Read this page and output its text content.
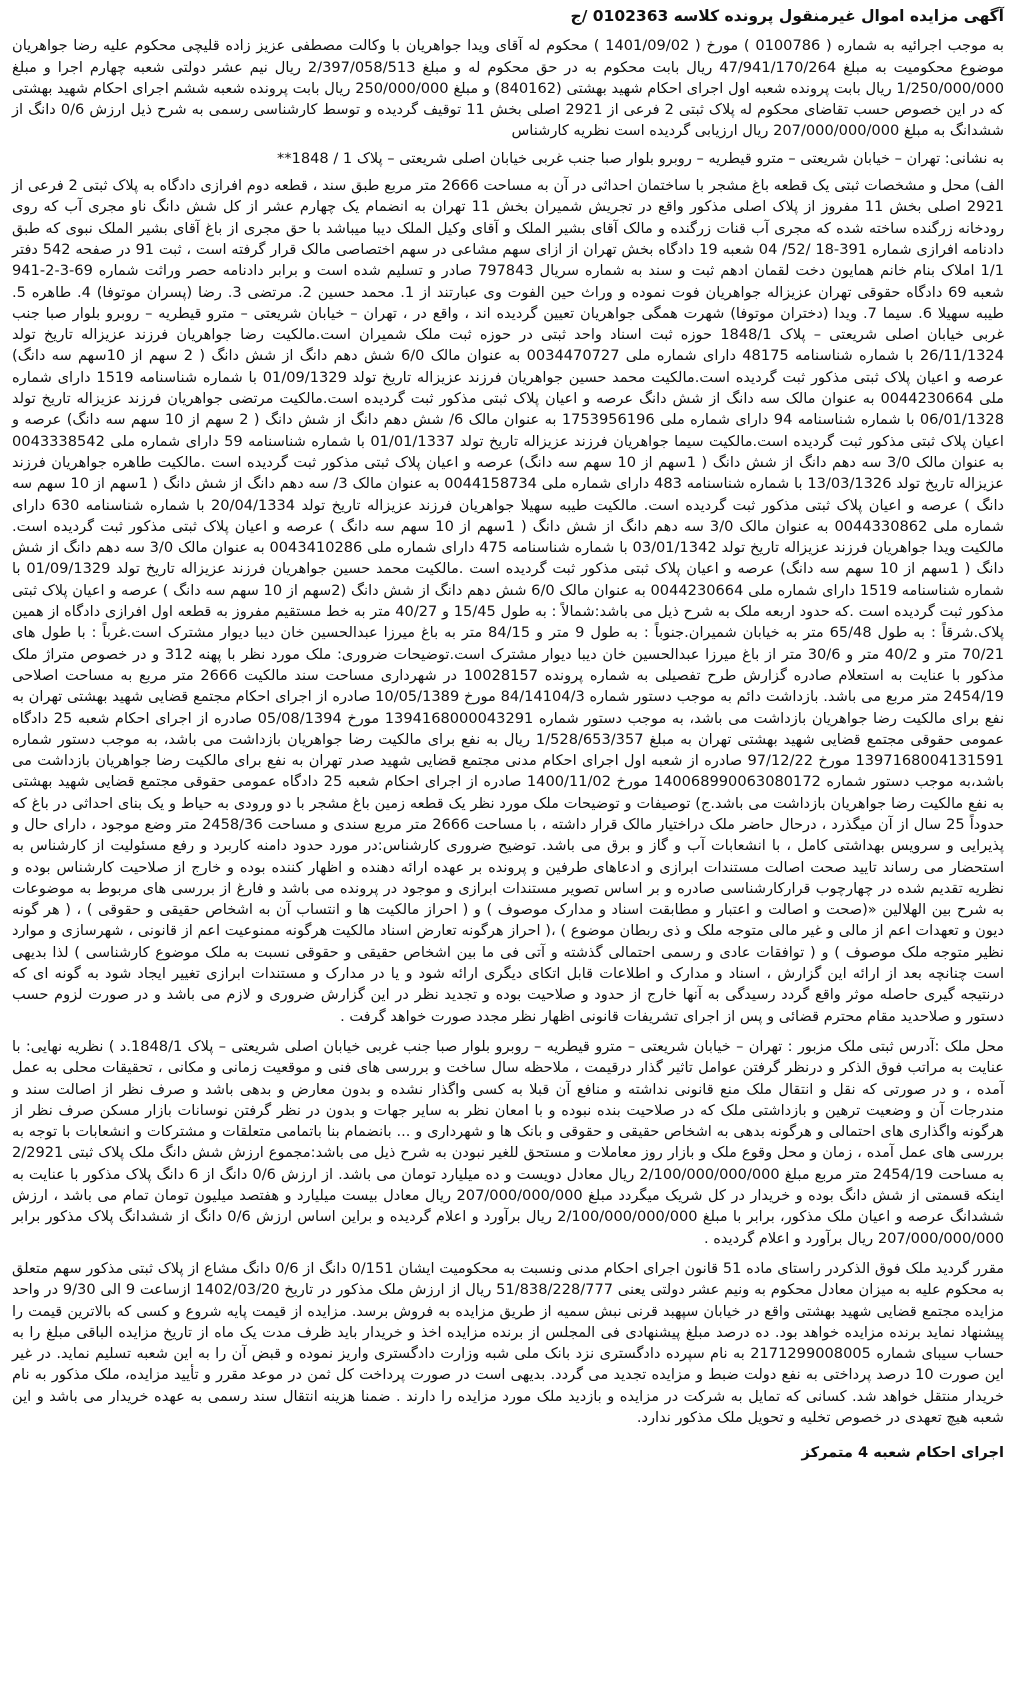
آگهی مزایده اموال غیرمنقول پرونده کلاسه 0102363 /ج

به موجب اجرائیه به شماره ( 0100786 ) مورخ ( 1401/09/02 ) محکوم له آقای ویدا جواهریان با وکالت مصطفی عزیز زاده قلیچی محکوم علیه رضا جواهریان موضوع محکومیت به مبلغ 47/941/170/264 ریال بابت محکوم به در حق محکوم له و مبلغ 2/397/058/513 ریال نیم عشر دولتی شعبه چهارم اجرا و مبلغ 1/250/000/000 ریال بابت پرونده شعبه اول اجرای احکام شهید بهشتی (840162) و مبلغ 250/000/000 ریال بابت پرونده شعبه ششم اجرای احکام شهید بهشتی که در این خصوص حسب تقاضای محکوم له پلاک ثبتی 2 فرعی از 2921 اصلی بخش 11 توقیف گردیده و توسط کارشناسی رسمی به شرح ذیل ارزش 0/6 دانگ از ششدانگ به مبلغ 207/000/000/000 ریال ارزیابی گردیده است نظریه کارشناس

به نشانی: تهران – خیابان شریعتی – مترو قیطریه – روبرو بلوار صبا جنب غربی خیابان اصلی شریعتی – پلاک 1 / 1848**

الف) محل و مشخصات ثبتی یک قطعه باغ مشجر با ساختمان احداثی در آن به مساحت 2666 متر مربع طبق سند ، قطعه دوم افرازی دادگاه به پلاک ثبتی 2 فرعی از 2921 اصلی بخش 11 مفروز از پلاک اصلی مذکور واقع در تجریش شمیران بخش 11 تهران به انضمام یک چهارم عشر از کل شش دانگ ناو مجری آب که روی رودخانه زرگنده ساخته شده که مجری آب قنات زرگنده و مالک آقای بشیر الملک و آقای وکیل الملک دیبا میباشد با حق مجری از باغ آقای بشیر الملک نبوی که طبق دادنامه افرازی شماره 391-18 /52/ 04 شعبه 19 دادگاه بخش تهران از ازای سهم مشاعی در سهم اختصاصی مالک قرار گرفته است ، ثبت 91 در صفحه 542 دفتر 1/1 املاک بنام خانم همایون دخت لقمان ادهم ثبت و سند به شماره سریال 797843 صادر و تسلیم شده است و برابر دادنامه حصر وراثت شماره 69-3-2-941 شعبه 69 دادگاه حقوقی تهران عزیزاله جواهریان فوت نموده و وراث حین الفوت وی عبارتند از 1. محمد حسین 2. مرتضی 3. رضا (پسران موتوفا) 4. طاهره 5. طیبه سهیلا 6. سیما 7. ویدا (دختران موتوفا) شهرت همگی جواهریان تعیین گردیده اند ، واقع در ، تهران – خیابان شریعتی – مترو قیطریه – روبرو بلوار صبا جنب غربی خیابان اصلی شریعتی – پلاک 1848/1 حوزه ثبت اسناد واحد ثبتی در حوزه ثبت ملک شمیران است.مالکیت رضا جواهریان فرزند عزیزاله تاریخ تولد 26/11/1324 با شماره شناسنامه 48175 دارای شماره ملی 0034470727 به عنوان مالک 6/0 شش دهم دانگ از شش دانگ ( 2 سهم از 10سهم سه دانگ) عرصه و اعیان پلاک ثبتی مذکور ثبت گردیده است.مالکیت محمد حسین جواهریان فرزند عزیزاله تاریخ تولد 01/09/1329 با شماره شناسنامه 1519 دارای شماره ملی 0044230664 به عنوان مالک سه دانگ از شش دانگ عرصه و اعیان پلاک ثبتی مذکور ثبت گردیده است.مالکیت مرتضی جواهریان فرزند عزیزاله تاریخ تولد 06/01/1328 با شماره شناسنامه 94 دارای شماره ملی 1753956196 به عنوان مالک 6/ شش دهم دانگ از شش دانگ ( 2 سهم از 10 سهم سه دانگ) عرصه و اعیان پلاک ثبتی مذکور ثبت گردیده است.مالکیت سیما جواهریان فرزند عزیزاله تاریخ تولد 01/01/1337 با شماره شناسنامه 59 دارای شماره ملی 0043338542 به عنوان مالک 3/0 سه دهم دانگ از شش دانگ ( 1سهم از 10 سهم سه دانگ) عرصه و اعیان پلاک ثبتی مذکور ثبت گردیده است .مالکیت طاهره جواهریان فرزند عزیزاله تاریخ تولد 13/03/1326 با شماره شناسنامه 483 دارای شماره ملی 0044158734 به عنوان مالک 3/ سه دهم دانگ از شش دانگ ( 1سهم از 10 سهم سه دانگ ) عرصه و اعیان پلاک ثبتی مذکور ثبت گردیده است. مالکیت طیبه سهیلا جواهریان فرزند عزیزاله تاریخ تولد 20/04/1334 با شماره شناسنامه 630 دارای شماره ملی 0044330862 به عنوان مالک 3/0 سه دهم دانگ از شش دانگ ( 1سهم از 10 سهم سه دانگ ) عرصه و اعیان پلاک ثبتی مذکور ثبت گردیده است. مالکیت ویدا جواهریان فرزند عزیزاله تاریخ تولد 03/01/1342 با شماره شناسنامه 475 دارای شماره ملی 0043410286 به عنوان مالک 3/0 سه دهم دانگ از شش دانگ ( 1سهم از 10 سهم سه دانگ) عرصه و اعیان پلاک ثبتی مذکور ثبت گردیده است .مالکیت محمد حسین جواهریان فرزند عزیزاله تاریخ تولد 01/09/1329 با شماره شناسنامه 1519 دارای شماره ملی 0044230664 به عنوان مالک 6/0 شش دهم دانگ از شش دانگ (2سهم از 10 سهم سه دانگ ) عرصه و اعیان پلاک ثبتی مذکور ثبت گردیده است .که حدود اربعه ملک به شرح ذیل می باشد:شمالاً : به طول 15/45 و 40/27 متر به خط مستقیم مفروز به قطعه اول افرازی دادگاه از همین پلاک.شرقاً : به طول 65/48 متر به خیابان شمیران.جنوباً : به طول 9 متر و 84/15 متر به باغ میرزا عبدالحسین خان دیبا دیوار مشترک است.غرباً : با طول های 70/21 متر و 40/2 متر و 30/6 متر از باغ میرزا عبدالحسین خان دیبا دیوار مشترک است.توضیحات ضروری: ملک مورد نظر با پهنه 312 و در خصوص متراژ ملک مذکور با عنایت به استعلام صادره گزارش طرح تفصیلی به شماره پرونده 10028157 در شهرداری مساحت سند مالکیت 2666 متر مربع به مساحت اصلاحی 2454/19 متر مربع می باشد. بازداشت دائم به موجب دستور شماره 84/14104/3 مورخ 10/05/1389 صادره از اجرای احکام مجتمع قضایی شهید بهشتی تهران به نفع برای مالکیت رضا جواهریان بازداشت می باشد، به موجب دستور شماره 139416800004329​1 مورخ 05/08/1394 صادره از اجرای احکام شعبه 25 دادگاه عمومی حقوقی مجتمع قضایی شهید بهشتی تهران به مبلغ 1/528/653/357 ریال به نفع برای مالکیت رضا جواهریان بازداشت می باشد، به موجب دستور شماره 1397168004131591 مورخ 97/12/22 صادره از شعبه اول اجرای احکام مدنی مجتمع قضایی شهید صدر تهران به نفع برای مالکیت رضا جواهریان بازداشت می باشد،به موجب دستور شماره 140068990063080172 مورخ 1400/11/02 صادره از اجرای احکام شعبه 25 دادگاه عمومی حقوقی مجتمع قضایی شهید بهشتی به نفع مالکیت رضا جواهریان بازداشت می باشد.ج) توصیفات و توضیحات ملک مورد نظر یک قطعه زمین باغ مشجر با دو ورودی به حیاط و یک بنای احداثی در باغ که حدوداً 25 سال از آن میگذرد ، درحال حاضر ملک دراختیار مالک قرار داشته ، با مساحت 2666 متر مربع سندی و مساحت 2458/36 متر وضع موجود ، دارای حال و پذیرایی و سرویس بهداشتی کامل ، با انشعابات آب و گاز و برق می باشد. توضیح ضروری کارشناس:در مورد حدود دامنه کاربرد و رفع مسئولیت از کارشناس به استحضار می رساند تایید صحت اصالت مستندات ابرازی و ادعاهای طرفین و پرونده بر عهده ارائه دهنده و اظهار کننده بوده و خارج از صلاحیت کارشناس بوده و نظریه تقدیم شده در چهارچوب قرارکارشناسی صادره و بر اساس تصویر مستندات ابرازی و موجود در پرونده می باشد و فارغ از بررسی های مربوط به موضوعات به شرح بین الهلالین «(صحت و اصالت و اعتبار و مطابقت اسناد و مدارک موصوف ) و ( احراز مالکیت ها و انتساب آن به اشخاص حقیقی و حقوقی ) ، ( هر گونه دیون و تعهدات اعم از مالی و غیر مالی متوجه ملک و ذی ربطان موضوع ) ،( احراز هرگونه تعارض اسناد مالکیت هرگونه ممنوعیت اعم از قانونی ، شهرسازی و موارد نظیر متوجه ملک موصوف ) و ( توافقات عادی و رسمی احتمالی گذشته و آتی فی ما بین اشخاص حقیقی و حقوقی نسبت به ملک موضوع کارشناسی ) لذا بدیهی است چنانچه بعد از ارائه این گزارش ، اسناد و مدارک و اطلاعات قابل اتکای دیگری ارائه شود و یا در مدارک و مستندات ابرازی تغییر ایجاد شود به گونه ای که درنتیجه گیری حاصله موثر واقع گردد رسیدگی به آنها خارج از حدود و صلاحیت بوده و تجدید نظر در این گزارش ضروری و لازم می باشد و در صورت لزوم حسب دستور و صلاحدید مقام محترم قضائی و پس از اجرای تشریفات قانونی اظهار نظر مجدد صورت خواهد گرفت .

محل ملک :آدرس ثبتی ملک مزبور : تهران – خیابان شریعتی – مترو قیطریه – روبرو بلوار صبا جنب غربی خیابان اصلی شریعتی – پلاک 1848/1.د ) نظریه نهایی: با عنایت به مراتب فوق الذکر و درنظر گرفتن عوامل تاثیر گذار درقیمت ، ملاحظه سال ساخت و بررسی های فنی و موقعیت زمانی و مکانی ، تحقیقات محلی به عمل آمده ، و در صورتی که نقل و انتقال ملک منع قانونی نداشته و منافع آن قبلا به کسی واگذار نشده و بدون معارض و بدهی باشد و صرف نظر از اصالت سند و مندرجات آن و وضعیت ترهین و بازداشتی ملک که در صلاحیت بنده نبوده و با امعان نظر به سایر جهات و بدون در نظر گرفتن نوسانات بازار مسکن صرف نظر از هرگونه واگذاری های احتمالی و هرگونه بدهی به اشخاص حقیقی و حقوقی و بانک ها و شهرداری و ... بانضمام بنا باتمامی متعلقات و مشترکات و انشعابات با توجه به بررسی های عمل آمده ، زمان و محل وقوع ملک و بازار روز معاملات و مستحق للغیر نبودن به شرح ذیل می باشد:مجموع ارزش شش دانگ ملک پلاک ثبتی 2/2921 به مساحت 2454/19 متر مربع مبلغ 2/100/000/000/000 ریال معادل دویست و ده میلیارد تومان می باشد. از ارزش 0/6 دانگ از 6 دانگ پلاک مذکور با عنایت به اینکه قسمتی از شش دانگ بوده و خریدار در کل شریک میگردد مبلغ 207/000/000/000 ریال معادل بیست میلیارد و هفتصد میلیون تومان تمام می باشد ، ارزش ششدانگ عرصه و اعیان ملک مذکور، برابر با مبلغ 2/100/000/000/000 ریال برآورد و اعلام گردیده و براین اساس ارزش 0/6 دانگ از ششدانگ پلاک مذکور برابر 207/000/000/000 ریال برآورد و اعلام گردیده .

مقرر گردید ملک فوق الذکردر راستای ماده 51 قانون اجرای احکام مدنی ونسبت به محکومیت ایشان 0/151 دانگ از 0/6 دانگ مشاع از پلاک ثبتی مذکور سهم متعلق به محکوم علیه به میزان معادل محکوم به ونیم عشر دولتی یعنی 51/838/228/777 ریال از ارزش ملک مذکور در تاریخ 1402/03/20 ازساعت 9 الی 9/30 در واحد مزایده مجتمع قضایی شهید بهشتی واقع در خیابان سپهبد قرنی نبش سمیه از طریق مزایده به فروش برسد. مزایده از قیمت پایه شروع و کسی که بالاترین قیمت را پیشنهاد نماید برنده مزایده خواهد بود. ده درصد مبلغ پیشنهادی فی المجلس از برنده مزایده اخذ و خریدار باید ظرف مدت یک ماه از تاریخ مزایده الباقی مبلغ را به حساب سیبای شماره 2171299008005 به نام سپرده دادگستری نزد بانک ملی شبه وزارت دادگستری واریز نموده و قبض آن را به این شعبه تسلیم نماید. در غیر این صورت 10 درصد پرداختی به نفع دولت ضبط و مزایده تجدید می گردد. بدیهی است در صورت پرداخت کل ثمن در موعد مقرر و تأیید مزایده، ملک مذکور به نام خریدار منتقل خواهد شد. کسانی که تمایل به شرکت در مزایده و بازدید ملک مورد مزایده را دارند . ضمنا هزینه انتقال سند رسمی به عهده خریدار می باشد و این شعبه هیچ تعهدی در خصوص تخلیه و تحویل ملک مذکور ندارد.

اجرای احکام شعبه 4 متمرکز
